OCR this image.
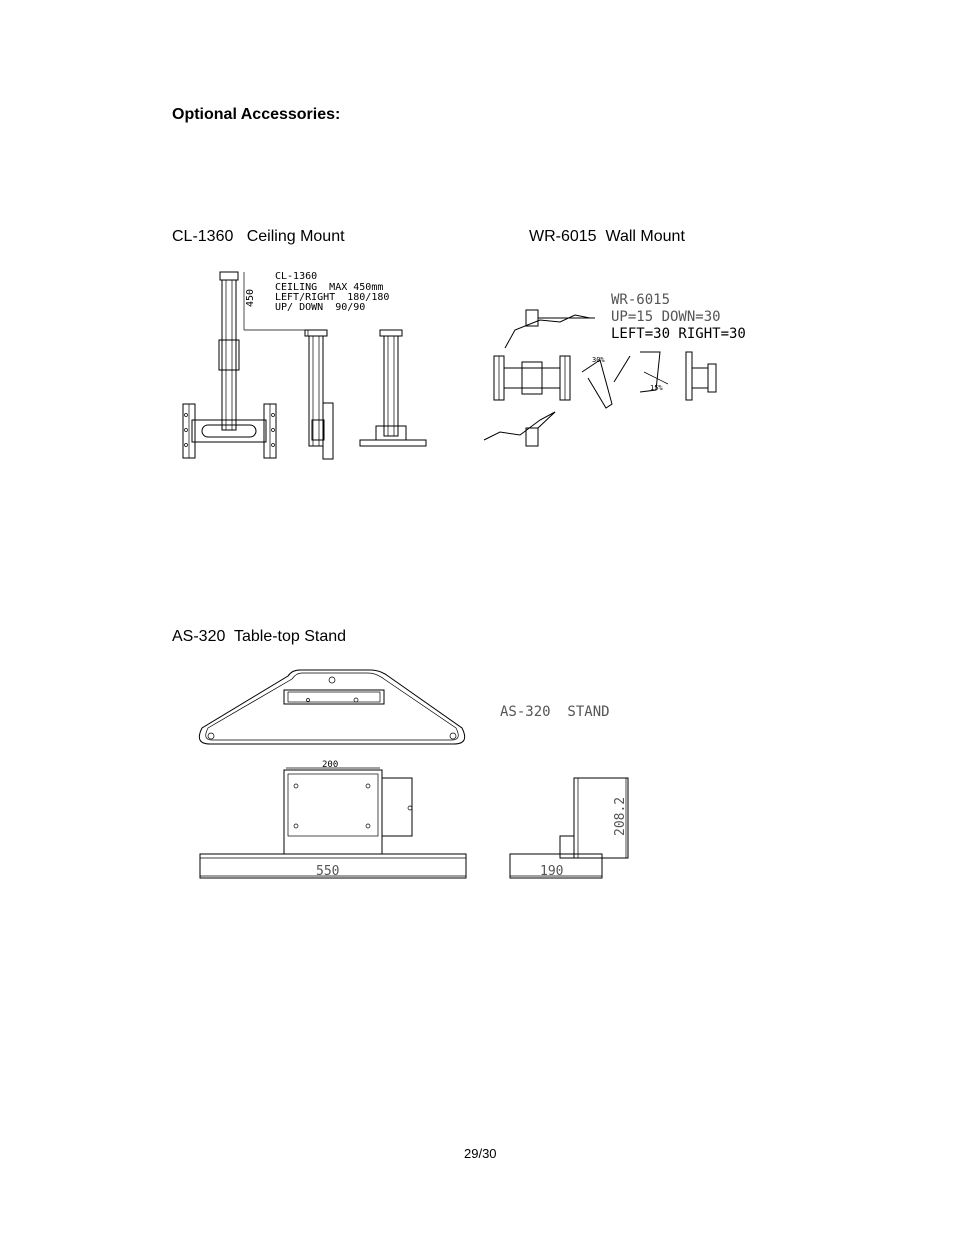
Optional Accessories:
CL-1360   Ceiling Mount	WR-6015  Wall Mount
AS-320  Table-top Stand
450
CL-1360
CEILING  MAX 450mm
LEFT/RIGHT  180/180
UP/ DOWN  90/90
30%
15%
WR-6015
UP=15 DOWN=30
LEFT=30 RIGHT=30
AS-320  STAND
200
550	190
208.2
29/30
